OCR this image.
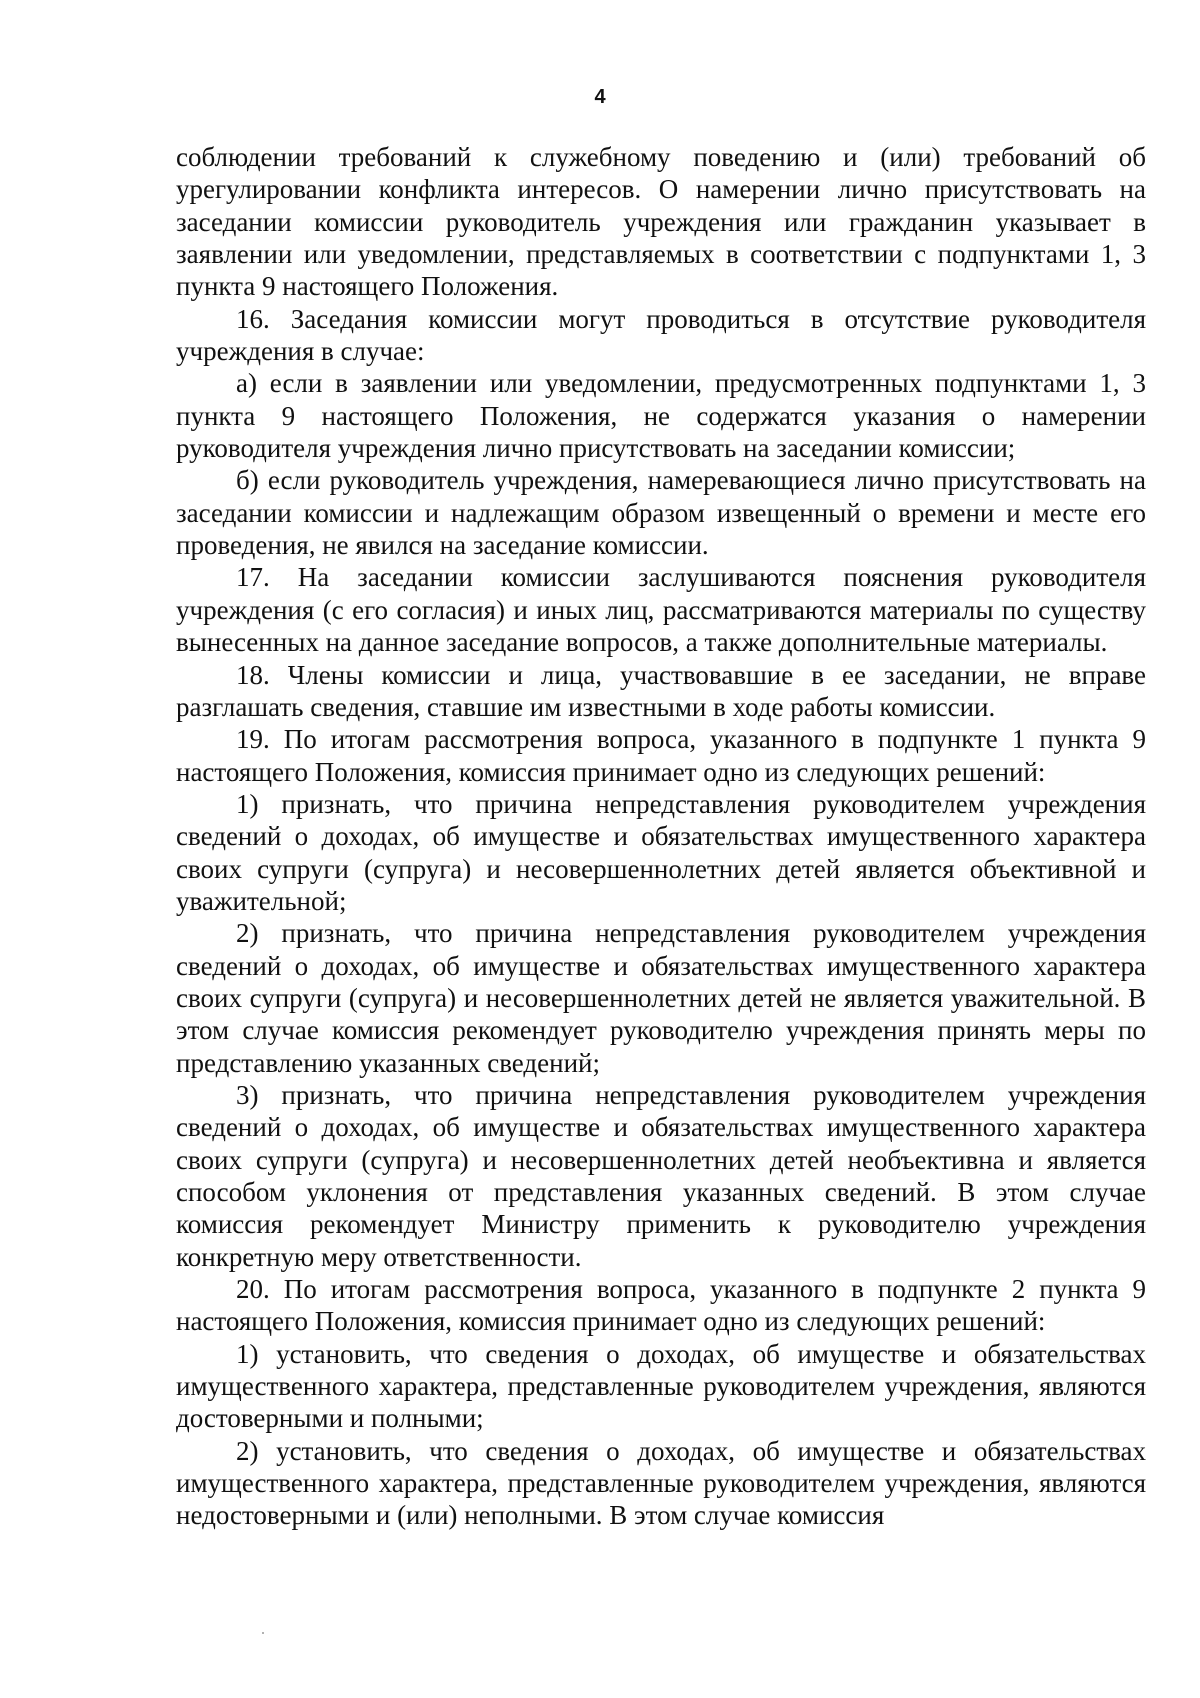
4

соблюдении требований к служебному поведению и (или) требований об урегулировании конфликта интересов. О намерении лично присутствовать на заседании комиссии руководитель учреждения или гражданин указывает в заявлении или уведомлении, представляемых в соответствии с подпунктами 1, 3 пункта 9 настоящего Положения.

16. Заседания комиссии могут проводиться в отсутствие руководителя учреждения в случае:

а) если в заявлении или уведомлении, предусмотренных подпунктами 1, 3 пункта 9 настоящего Положения, не содержатся указания о намерении руководителя учреждения лично присутствовать на заседании комиссии;

б) если руководитель учреждения, намеревающиеся лично присутствовать на заседании комиссии и надлежащим образом извещенный о времени и месте его проведения, не явился на заседание комиссии.

17. На заседании комиссии заслушиваются пояснения руководителя учреждения (с его согласия) и иных лиц, рассматриваются материалы по существу вынесенных на данное заседание вопросов, а также дополнительные материалы.

18. Члены комиссии и лица, участвовавшие в ее заседании, не вправе разглашать сведения, ставшие им известными в ходе работы комиссии.

19. По итогам рассмотрения вопроса, указанного в подпункте 1 пункта 9 настоящего Положения, комиссия принимает одно из следующих решений:

1) признать, что причина непредставления руководителем учреждения сведений о доходах, об имуществе и обязательствах имущественного характера своих супруги (супруга) и несовершеннолетних детей является объективной и уважительной;

2) признать, что причина непредставления руководителем учреждения сведений о доходах, об имуществе и обязательствах имущественного характера своих супруги (супруга) и несовершеннолетних детей не является уважительной. В этом случае комиссия рекомендует руководителю учреждения принять меры по представлению указанных сведений;

3) признать, что причина непредставления руководителем учреждения сведений о доходах, об имуществе и обязательствах имущественного характера своих супруги (супруга) и несовершеннолетних детей необъективна и является способом уклонения от представления указанных сведений. В этом случае комиссия рекомендует Министру применить к руководителю учреждения конкретную меру ответственности.

20. По итогам рассмотрения вопроса, указанного в подпункте 2 пункта 9 настоящего Положения, комиссия принимает одно из следующих решений:

1) установить, что сведения о доходах, об имуществе и обязательствах имущественного характера, представленные руководителем учреждения, являются достоверными и полными;

2) установить, что сведения о доходах, об имуществе и обязательствах имущественного характера, представленные руководителем учреждения, являются недостоверными и (или) неполными. В этом случае комиссия
